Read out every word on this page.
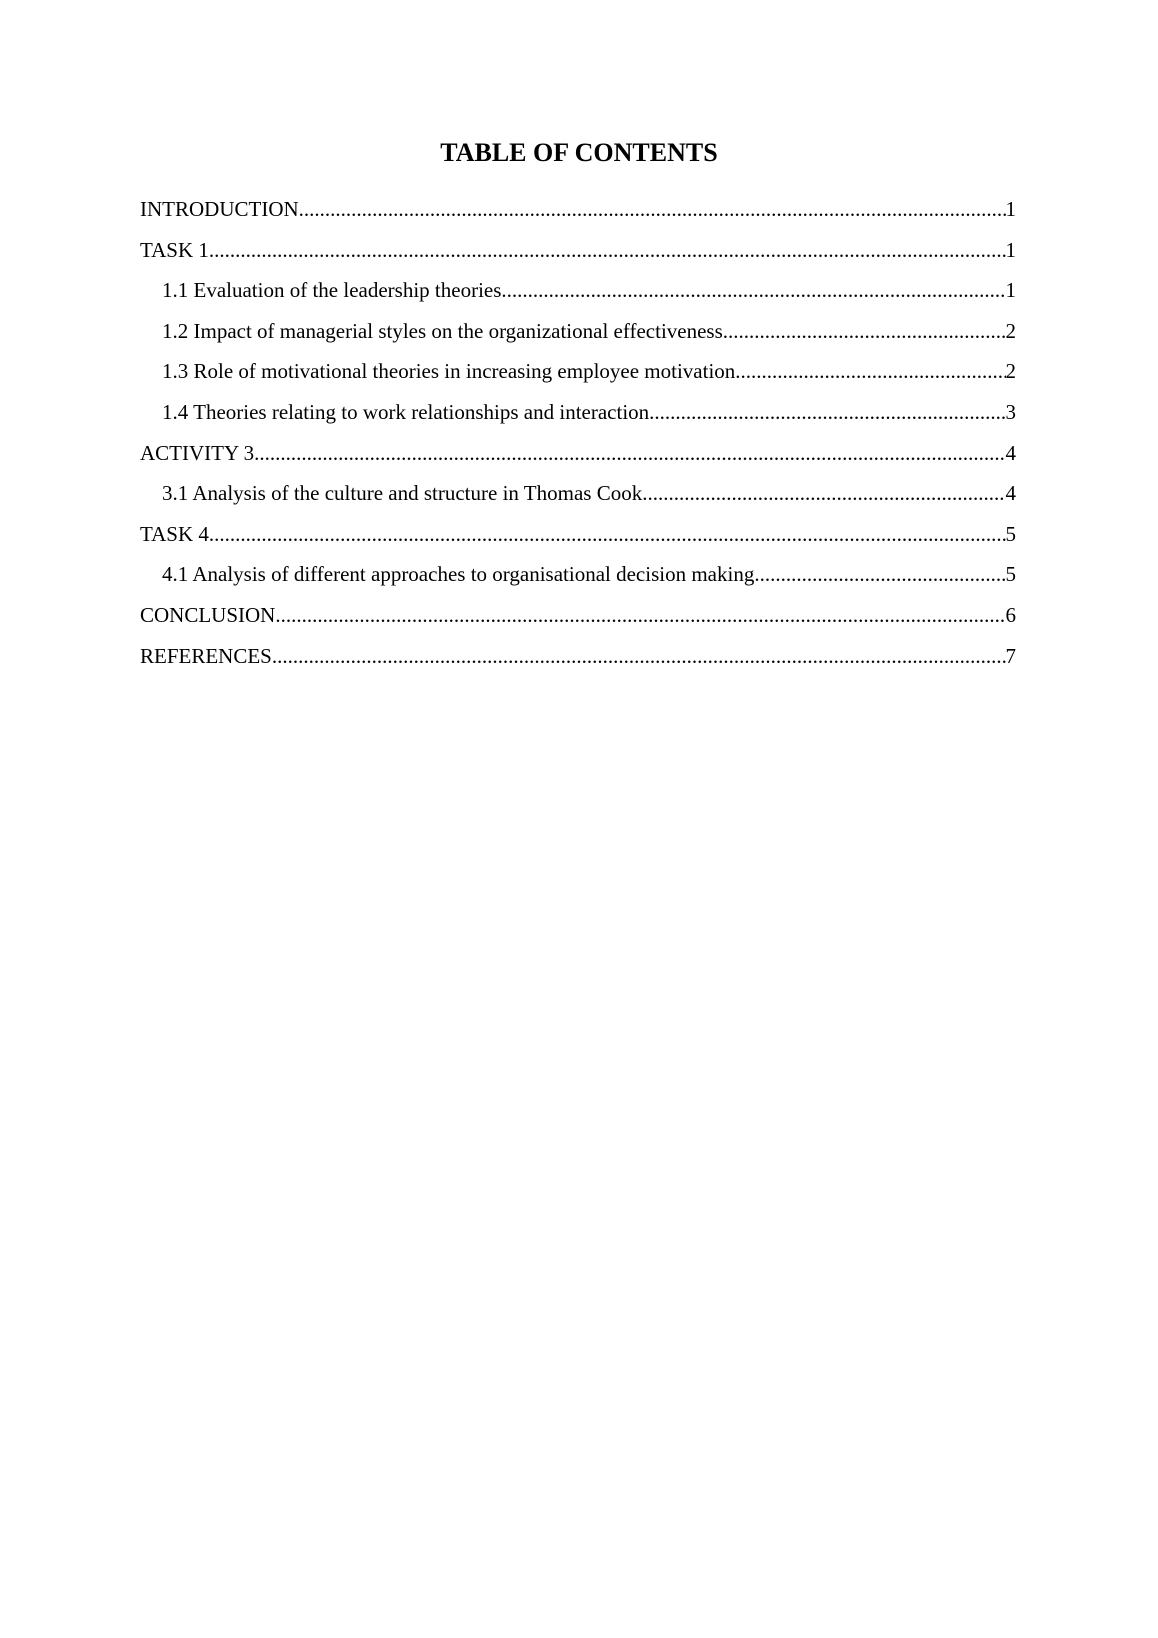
TABLE OF CONTENTS
INTRODUCTION .....	1
TASK 1 .....	1
1.1 Evaluation of the leadership theories .....	1
1.2 Impact of managerial styles on the organizational effectiveness .....	2
1.3 Role of motivational theories in increasing employee motivation .....	2
1.4 Theories relating to work relationships and interaction .....	3
ACTIVITY 3 .....	4
3.1 Analysis of the culture and structure in Thomas Cook .....	4
TASK 4 .....	5
4.1 Analysis of different approaches to organisational decision making .....	5
CONCLUSION .....	6
REFERENCES .....	7
